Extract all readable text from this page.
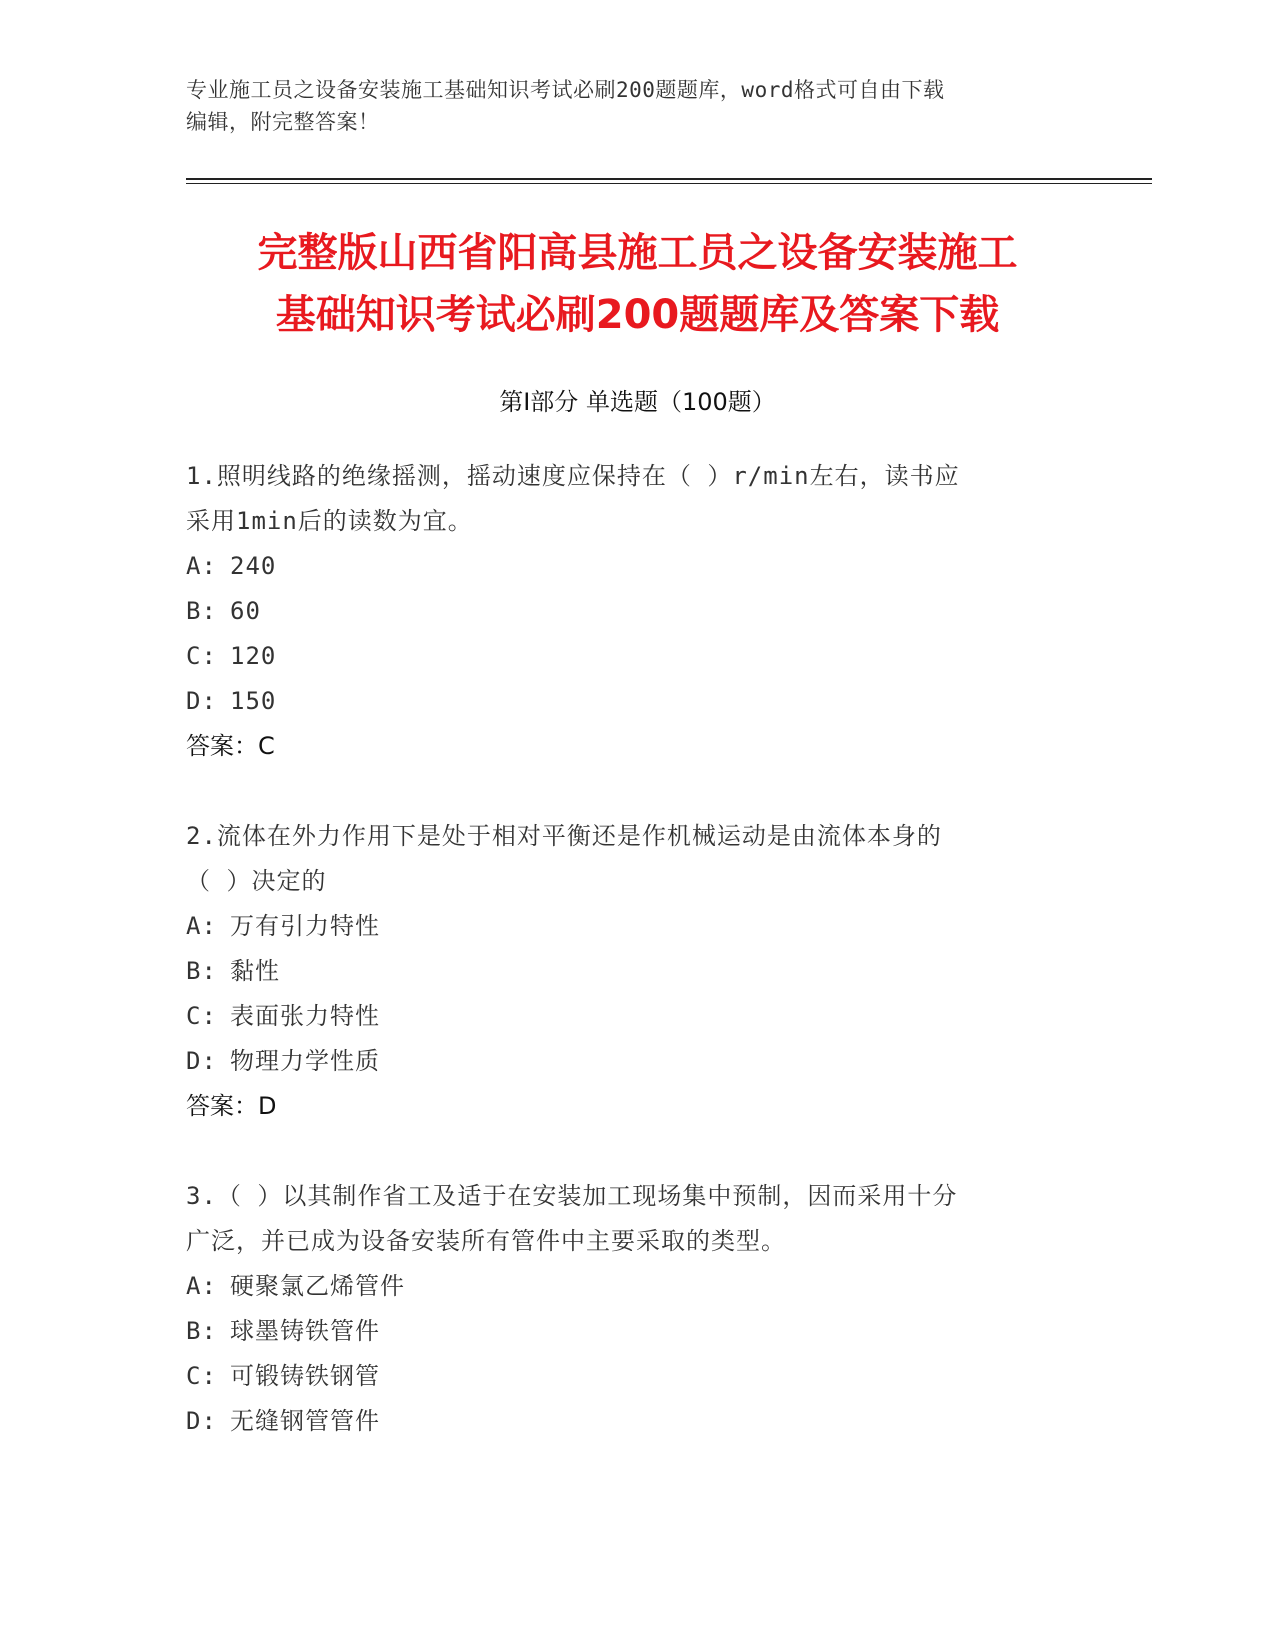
专业施工员之设备安装施工基础知识考试必刷200题题库，word格式可自由下载
编辑，附完整答案！
完整版山西省阳高县施工员之设备安装施工
基础知识考试必刷200题题库及答案下载
第Ⅰ部分 单选题（100题）
1.照明线路的绝缘摇测，摇动速度应保持在（ ）r/min左右，读书应
采用1min后的读数为宜。
A: 240
B: 60
C: 120
D: 150
答案：C
2.流体在外力作用下是处于相对平衡还是作机械运动是由流体本身的
（ ）决定的
A: 万有引力特性
B: 黏性
C: 表面张力特性
D: 物理力学性质
答案：D
3.（ ）以其制作省工及适于在安装加工现场集中预制，因而采用十分
广泛，并已成为设备安装所有管件中主要采取的类型。
A: 硬聚氯乙烯管件
B: 球墨铸铁管件
C: 可锻铸铁钢管
D: 无缝钢管管件
